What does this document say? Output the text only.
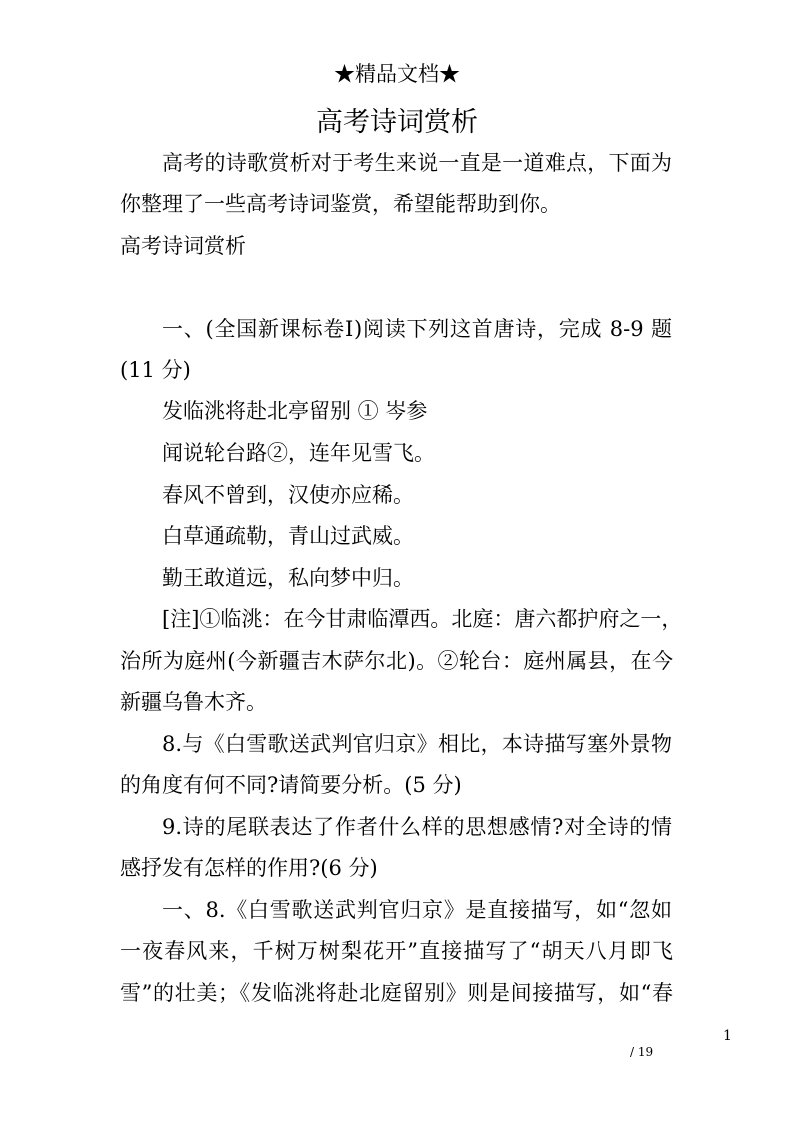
★精品文档★
高考诗词赏析
高考的诗歌赏析对于考生来说一直是一道难点，下面为
你整理了一些高考诗词鉴赏，希望能帮助到你。
高考诗词赏析
一、(全国新课标卷Ⅰ)阅读下列这首唐诗，完成 8-9 题
(11 分)
发临洮将赴北亭留别 ① 岑参
闻说轮台路②，连年见雪飞。
春风不曾到，汉使亦应稀。
白草通疏勒，青山过武威。
勤王敢道远，私向梦中归。
[注]①临洮：在今甘肃临潭西。北庭：唐六都护府之一，
治所为庭州(今新疆吉木萨尔北)。②轮台：庭州属县，在今
新疆乌鲁木齐。
8.与《白雪歌送武判官归京》相比，本诗描写塞外景物
的角度有何不同?请简要分析。(5 分)
9.诗的尾联表达了作者什么样的思想感情?对全诗的情
感抒发有怎样的作用?(6 分)
一、8.《白雪歌送武判官归京》是直接描写，如“忽如
一夜春风来，千树万树梨花开”直接描写了“胡天八月即飞
雪”的壮美；《发临洮将赴北庭留别》则是间接描写，如“春
1
/ 19
